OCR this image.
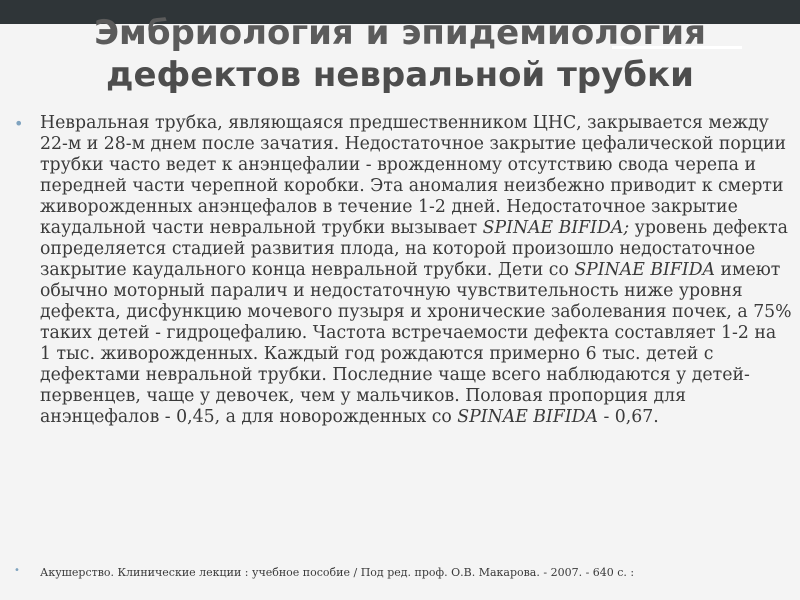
Эмбриология и эпидемиология
дефектов невральной трубки
• Невральная трубка, являющаяся предшественником ЦНС, закрывается между 22-м и 28-м днем после зачатия. Недостаточное закрытие цефалической порции трубки часто ведет к анэнцефалии - врожденному отсутствию свода черепа и передней части черепной коробки. Эта аномалия неизбежно приводит к смерти живорожденных анэнцефалов в течение 1-2 дней. Недостаточное закрытие каудальной части невральной трубки вызывает SPINAE BIFIDA; уровень дефекта определяется стадией развития плода, на которой произошло недостаточное закрытие каудального конца невральной трубки. Дети со SPINAE BIFIDA имеют обычно моторный паралич и недостаточную чувствительность ниже уровня дефекта, дисфункцию мочевого пузыря и хронические заболевания почек, а 75% таких детей - гидроцефалию. Частота встречаемости дефекта составляет 1-2 на 1 тыс. живорожденных. Каждый год рождаются примерно 6 тыс. детей с дефектами невральной трубки. Последние чаще всего наблюдаются у детей-первенцев, чаще у девочек, чем у мальчиков. Половая пропорция для анэнцефалов - 0,45, а для новорожденных со SPINAE BIFIDA - 0,67.

• Акушерство. Клинические лекции : учебное пособие / Под ред. проф. О.В. Макарова. - 2007. - 640 с. :
